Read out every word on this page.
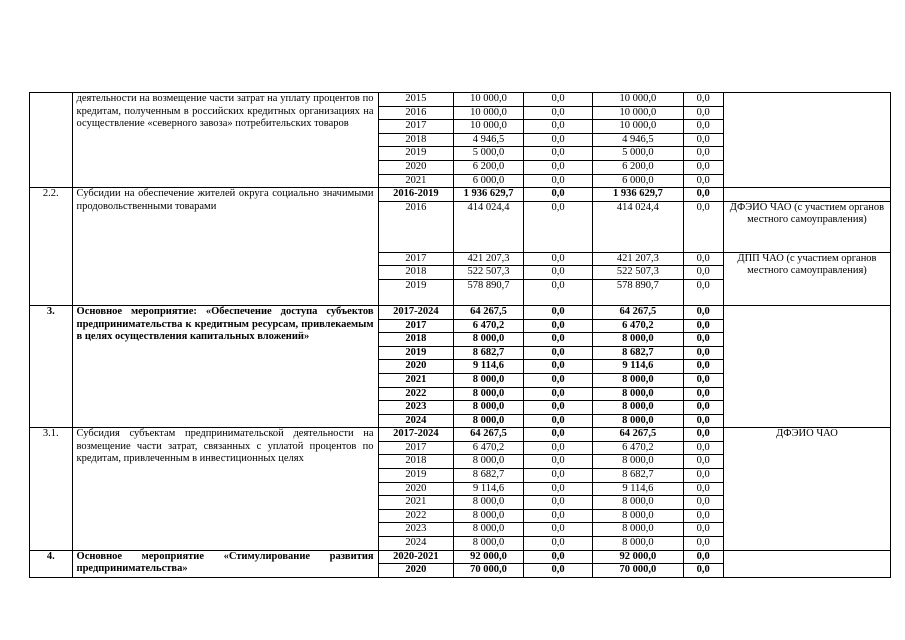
	деятельности на возмещение части затрат на уплату процентов по кредитам, полученным в российских кредитных организациях на осуществление «северного завоза» потребительских товаров	2015	10 000,0	0,0	10 000,0	0,0	
		2016	10 000,0	0,0	10 000,0	0,0	
		2017	10 000,0	0,0	10 000,0	0,0	
		2018	4 946,5	0,0	4 946,5	0,0	
		2019	5 000,0	0,0	5 000,0	0,0	
		2020	6 200,0	0,0	6 200,0	0,0	
		2021	6 000,0	0,0	6 000,0	0,0	
2.2.	Субсидии на обеспечение жителей округа социально значимыми продовольственными товарами	2016-2019	1 936 629,7	0,0	1 936 629,7	0,0	
		2016	414 024,4	0,0	414 024,4	0,0	ДФЭИО ЧАО (с участием органов местного самоуправления)
		2017	421 207,3	0,0	421 207,3	0,0	ДПП ЧАО (с участием органов местного самоуправления)
		2018	522 507,3	0,0	522 507,3	0,0	
		2019	578 890,7	0,0	578 890,7	0,0	
3.	Основное мероприятие: «Обеспечение доступа субъектов предпринимательства к кредитным ресурсам, привлекаемым в целях осуществления капитальных вложений»	2017-2024	64 267,5	0,0	64 267,5	0,0	
		2017	6 470,2	0,0	6 470,2	0,0	
		2018	8 000,0	0,0	8 000,0	0,0	
		2019	8 682,7	0,0	8 682,7	0,0	
		2020	9 114,6	0,0	9 114,6	0,0	
		2021	8 000,0	0,0	8 000,0	0,0	
		2022	8 000,0	0,0	8 000,0	0,0	
		2023	8 000,0	0,0	8 000,0	0,0	
		2024	8 000,0	0,0	8 000,0	0,0	
3.1.	Субсидия субъектам предпринимательской деятельности на возмещение части затрат, связанных с уплатой процентов по кредитам, привлеченным в инвестиционных целях	2017-2024	64 267,5	0,0	64 267,5	0,0	ДФЭИО ЧАО
		2017	6 470,2	0,0	6 470,2	0,0	
		2018	8 000,0	0,0	8 000,0	0,0	
		2019	8 682,7	0,0	8 682,7	0,0	
		2020	9 114,6	0,0	9 114,6	0,0	
		2021	8 000,0	0,0	8 000,0	0,0	
		2022	8 000,0	0,0	8 000,0	0,0	
		2023	8 000,0	0,0	8 000,0	0,0	
		2024	8 000,0	0,0	8 000,0	0,0	
4.	Основное мероприятие «Стимулирование развития предпринимательства»	2020-2021	92 000,0	0,0	92 000,0	0,0	
		2020	70 000,0	0,0	70 000,0	0,0	
